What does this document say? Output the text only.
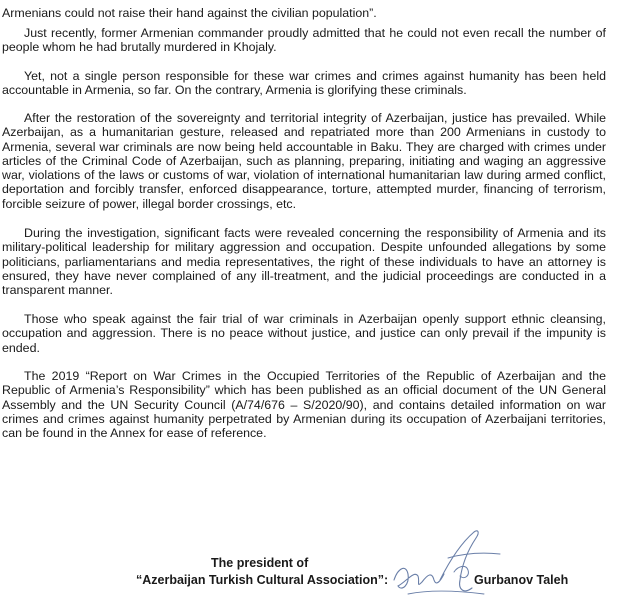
Armenians could not raise their hand against the civilian population”.

Just recently, former Armenian commander proudly admitted that he could not even recall the number of people whom he had brutally murdered in Khojaly.

Yet, not a single person responsible for these war crimes and crimes against humanity has been held accountable in Armenia, so far. On the contrary, Armenia is glorifying these criminals.

After the restoration of the sovereignty and territorial integrity of Azerbaijan, justice has prevailed. While Azerbaijan, as a humanitarian gesture, released and repatriated more than 200 Armenians in custody to Armenia, several war criminals are now being held accountable in Baku. They are charged with crimes under articles of the Criminal Code of Azerbaijan, such as planning, preparing, initiating and waging an aggressive war, violations of the laws or customs of war, violation of international humanitarian law during armed conflict, deportation and forcibly transfer, enforced disappearance, torture, attempted murder, financing of terrorism, forcible seizure of power, illegal border crossings, etc.

During the investigation, significant facts were revealed concerning the responsibility of Armenia and its military-political leadership for military aggression and occupation. Despite unfounded allegations by some politicians, parliamentarians and media representatives, the right of these individuals to have an attorney is ensured, they have never complained of any ill-treatment, and the judicial proceedings are conducted in a transparent manner.

Those who speak against the fair trial of war criminals in Azerbaijan openly support ethnic cleansing, occupation and aggression. There is no peace without justice, and justice can only prevail if the impunity is ended.

The 2019 “Report on War Crimes in the Occupied Territories of the Republic of Azerbaijan and the Republic of Armenia’s Responsibility” which has been published as an official document of the UN General Assembly and the UN Security Council (A/74/676 – S/2020/90), and contains detailed information on war crimes and crimes against humanity perpetrated by Armenian during its occupation of Azerbaijani territories, can be found in the Annex for ease of reference.

The president of

“Azerbaijan Turkish Cultural Association”:	Gurbanov Taleh
